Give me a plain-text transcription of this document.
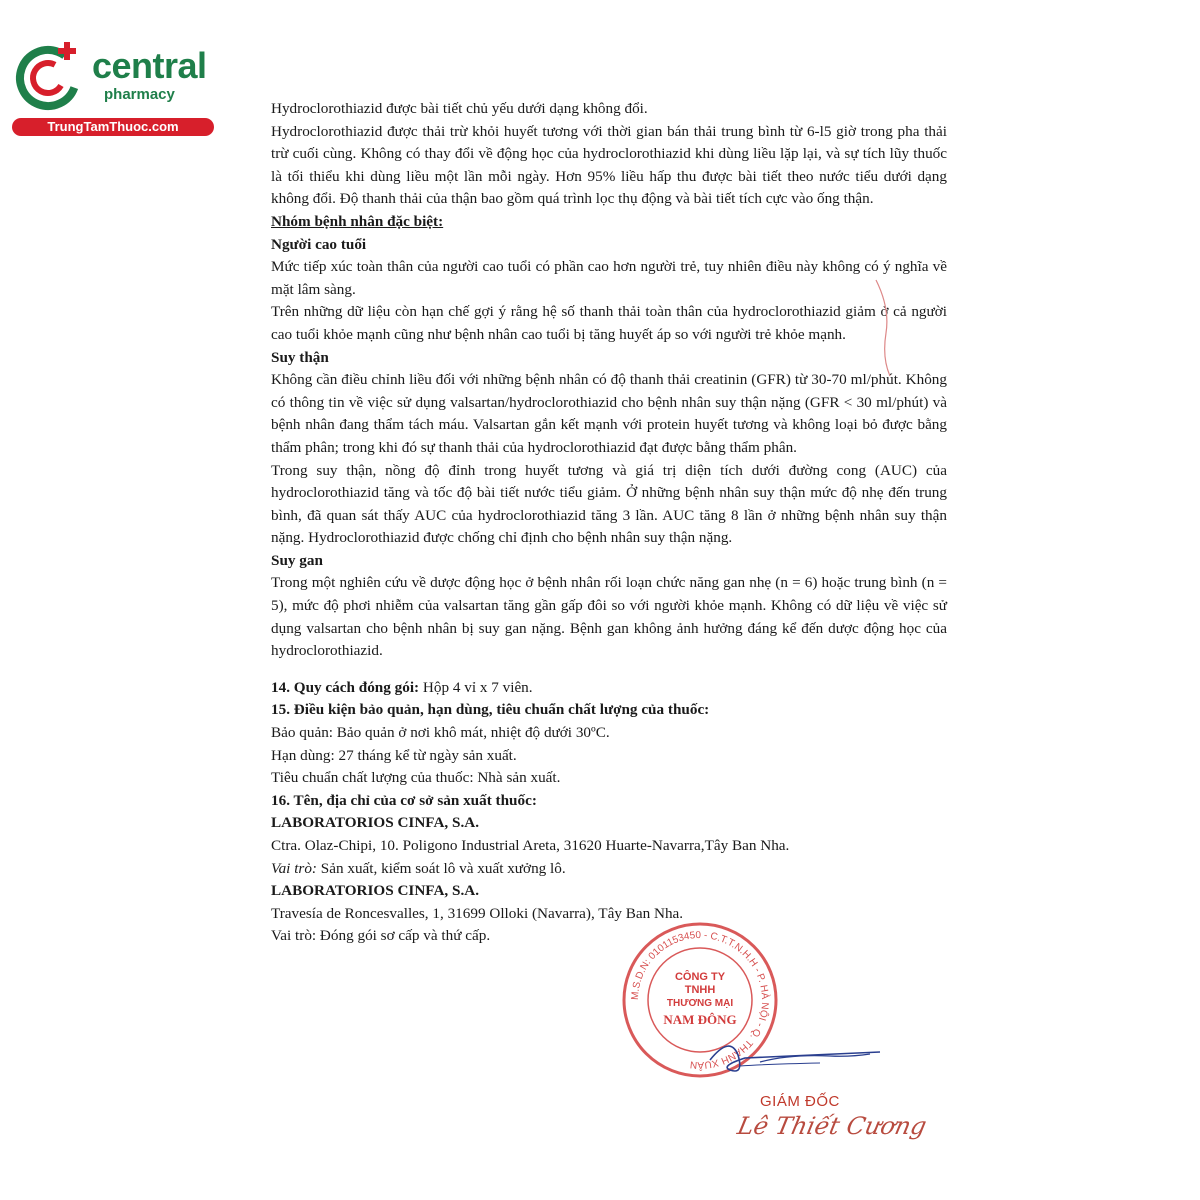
central
pharmacy
TrungTamThuoc.com

Hydroclorothiazid được bài tiết chủ yếu dưới dạng không đổi.

Hydroclorothiazid được thải trừ khỏi huyết tương với thời gian bán thải trung bình từ 6-l5 giờ trong pha thải trừ cuối cùng. Không có thay đổi về động học của hydroclorothiazid khi dùng liều lặp lại, và sự tích lũy thuốc là tối thiểu khi dùng liều một lần mỗi ngày. Hơn 95% liều hấp thu được bài tiết theo nước tiểu dưới dạng không đổi. Độ thanh thải của thận bao gồm quá trình lọc thụ động và bài tiết tích cực vào ống thận.

Nhóm bệnh nhân đặc biệt:

Người cao tuổi

Mức tiếp xúc toàn thân của người cao tuổi có phần cao hơn người trẻ, tuy nhiên điều này không có ý nghĩa về mặt lâm sàng.

Trên những dữ liệu còn hạn chế gợi ý rằng hệ số thanh thải toàn thân của hydroclorothiazid giảm ở cả người cao tuổi khỏe mạnh cũng như bệnh nhân cao tuổi bị tăng huyết áp so với người trẻ khỏe mạnh.

Suy thận

Không cần điều chỉnh liều đối với những bệnh nhân có độ thanh thải creatinin (GFR) từ 30-70 ml/phút. Không có thông tin về việc sử dụng valsartan/hydroclorothiazid cho bệnh nhân suy thận nặng (GFR < 30 ml/phút) và bệnh nhân đang thẩm tách máu. Valsartan gắn kết mạnh với protein huyết tương và không loại bỏ được bằng thẩm phân; trong khi đó sự thanh thải của hydroclorothiazid đạt được bằng thẩm phân.

Trong suy thận, nồng độ đỉnh trong huyết tương và giá trị diện tích dưới đường cong (AUC) của hydroclorothiazid tăng và tốc độ bài tiết nước tiểu giảm. Ở những bệnh nhân suy thận mức độ nhẹ đến trung bình, đã quan sát thấy AUC của hydroclorothiazid tăng 3 lần. AUC tăng 8 lần ở những bệnh nhân suy thận nặng. Hydroclorothiazid được chống chỉ định cho bệnh nhân suy thận nặng.

Suy gan

Trong một nghiên cứu về dược động học ở bệnh nhân rối loạn chức năng gan nhẹ (n = 6) hoặc trung bình (n = 5), mức độ phơi nhiễm của valsartan tăng gần gấp đôi so với người khỏe mạnh. Không có dữ liệu về việc sử dụng valsartan cho bệnh nhân bị suy gan nặng. Bệnh gan không ảnh hưởng đáng kể đến dược động học của hydroclorothiazid.

14. Quy cách đóng gói: Hộp 4 vỉ x 7 viên.

15. Điều kiện bảo quản, hạn dùng, tiêu chuẩn chất lượng của thuốc:

Bảo quản: Bảo quản ở nơi khô mát, nhiệt độ dưới 30ºC.

Hạn dùng: 27 tháng kể từ ngày sản xuất.

Tiêu chuẩn chất lượng của thuốc: Nhà sản xuất.

16. Tên, địa chỉ của cơ sở sản xuất thuốc:

LABORATORIOS CINFA, S.A.

Ctra. Olaz-Chipi, 10. Poligono Industrial Areta, 31620 Huarte-Navarra,Tây Ban Nha.

Vai trò: Sản xuất, kiểm soát lô và xuất xưởng lô.

LABORATORIOS CINFA, S.A.

Travesía de Roncesvalles, 1, 31699 Olloki (Navarra), Tây Ban Nha.

Vai trò: Đóng gói sơ cấp và thứ cấp.

M.S.D.N: 0101153450 - C.T.T.N.H.H - P. HÀ NỘI - Q. THANH XUÂN
CÔNG TY
TNHH
THƯƠNG MẠI
NAM ĐÔNG
GIÁM ĐỐC
Lê Thiết Cương
